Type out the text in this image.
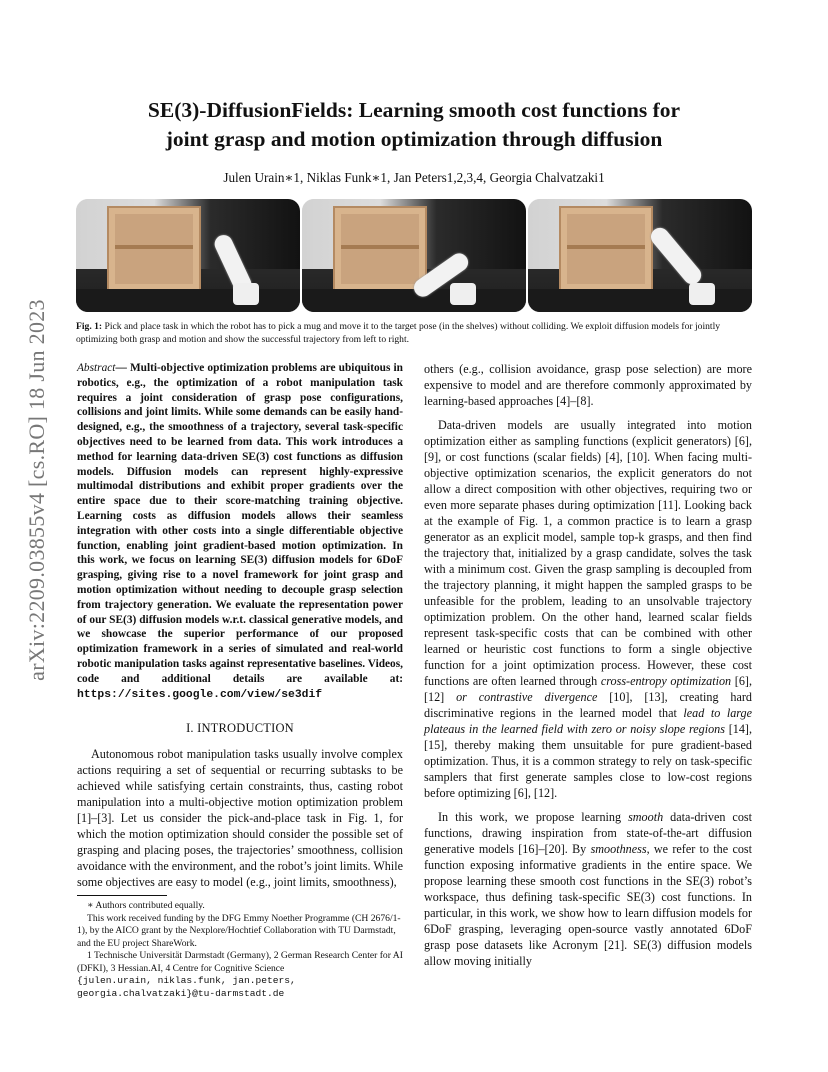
SE(3)-DiffusionFields: Learning smooth cost functions for
joint grasp and motion optimization through diffusion
Julen Urain∗1, Niklas Funk∗1, Jan Peters1,2,3,4, Georgia Chalvatzaki1
arXiv:2209.03855v4 [cs.RO] 18 Jun 2023	Fig. 1: Pick and place task in which the robot has to pick a mug and move it to the target pose (in the shelves) without colliding. We exploit diffusion models for jointly optimizing both grasp and motion and show the successful trajectory from left to right.
Abstract— Multi-objective optimization problems are ubiquitous in robotics, e.g., the optimization of a robot manipulation task requires a joint consideration of grasp pose configurations, collisions and joint limits. While some demands can be easily hand-designed, e.g., the smoothness of a trajectory, several task-specific objectives need to be learned from data. This work introduces a method for learning data-driven SE(3) cost functions as diffusion models. Diffusion models can represent highly-expressive multimodal distributions and exhibit proper gradients over the entire space due to their score-matching training objective. Learning costs as diffusion models allows their seamless integration with other costs into a single differentiable objective function, enabling joint gradient-based motion optimization. In this work, we focus on learning SE(3) diffusion models for 6DoF grasping, giving rise to a novel framework for joint grasp and motion optimization without needing to decouple grasp selection from trajectory generation. We evaluate the representation power of our SE(3) diffusion models w.r.t. classical generative models, and we showcase the superior performance of our proposed optimization framework in a series of simulated and real-world robotic manipulation tasks against representative baselines. Videos, code and additional details are available at: https://sites.google.com/view/se3dif
I. INTRODUCTION

Autonomous robot manipulation tasks usually involve complex actions requiring a set of sequential or recurring subtasks to be achieved while satisfying certain constraints, thus, casting robot manipulation into a multi-objective motion optimization problem [1]–[3]. Let us consider the pick-and-place task in Fig. 1, for which the motion optimization should consider the possible set of grasping and placing poses, the trajectories’ smoothness, collision avoidance with the environment, and the robot’s joint limits. While some objectives are easy to model (e.g., joint limits, smoothness),

∗ Authors contributed equally.

This work received funding by the DFG Emmy Noether Programme (CH 2676/1-1), by the AICO grant by the Nexplore/Hochtief Collaboration with TU Darmstadt, and the EU project ShareWork.

1 Technische Universität Darmstadt (Germany), 2 German Research Center for AI (DFKI), 3 Hessian.AI, 4 Centre for Cognitive Science

{julen.urain, niklas.funk, jan.peters, georgia.chalvatzaki}@tu-darmstadt.de

others (e.g., collision avoidance, grasp pose selection) are more expensive to model and are therefore commonly approximated by learning-based approaches [4]–[8].

Data-driven models are usually integrated into motion optimization either as sampling functions (explicit generators) [6], [9], or cost functions (scalar fields) [4], [10]. When facing multi-objective optimization scenarios, the explicit generators do not allow a direct composition with other objectives, requiring two or even more separate phases during optimization [11]. Looking back at the example of Fig. 1, a common practice is to learn a grasp generator as an explicit model, sample top-k grasps, and then find the trajectory that, initialized by a grasp candidate, solves the task with a minimum cost. Given the grasp sampling is decoupled from the trajectory planning, it might happen the sampled grasps to be unfeasible for the problem, leading to an unsolvable trajectory optimization problem. On the other hand, learned scalar fields represent task-specific costs that can be combined with other learned or heuristic cost functions to form a single objective function for a joint optimization process. However, these cost functions are often learned through cross-entropy optimization [6], [12] or contrastive divergence [10], [13], creating hard discriminative regions in the learned model that lead to large plateaus in the learned field with zero or noisy slope regions [14], [15], thereby making them unsuitable for pure gradient-based optimization. Thus, it is a common strategy to rely on task-specific samplers that first generate samples close to low-cost regions before optimizing [6], [12].

In this work, we propose learning smooth data-driven cost functions, drawing inspiration from state-of-the-art diffusion generative models [16]–[20]. By smoothness, we refer to the cost function exposing informative gradients in the entire space. We propose learning these smooth cost functions in the SE(3) robot’s workspace, thus defining task-specific SE(3) cost functions. In particular, in this work, we show how to learn diffusion models for 6DoF grasping, leveraging open-source vastly annotated 6DoF grasp pose datasets like Acronym [21]. SE(3) diffusion models allow moving initially
